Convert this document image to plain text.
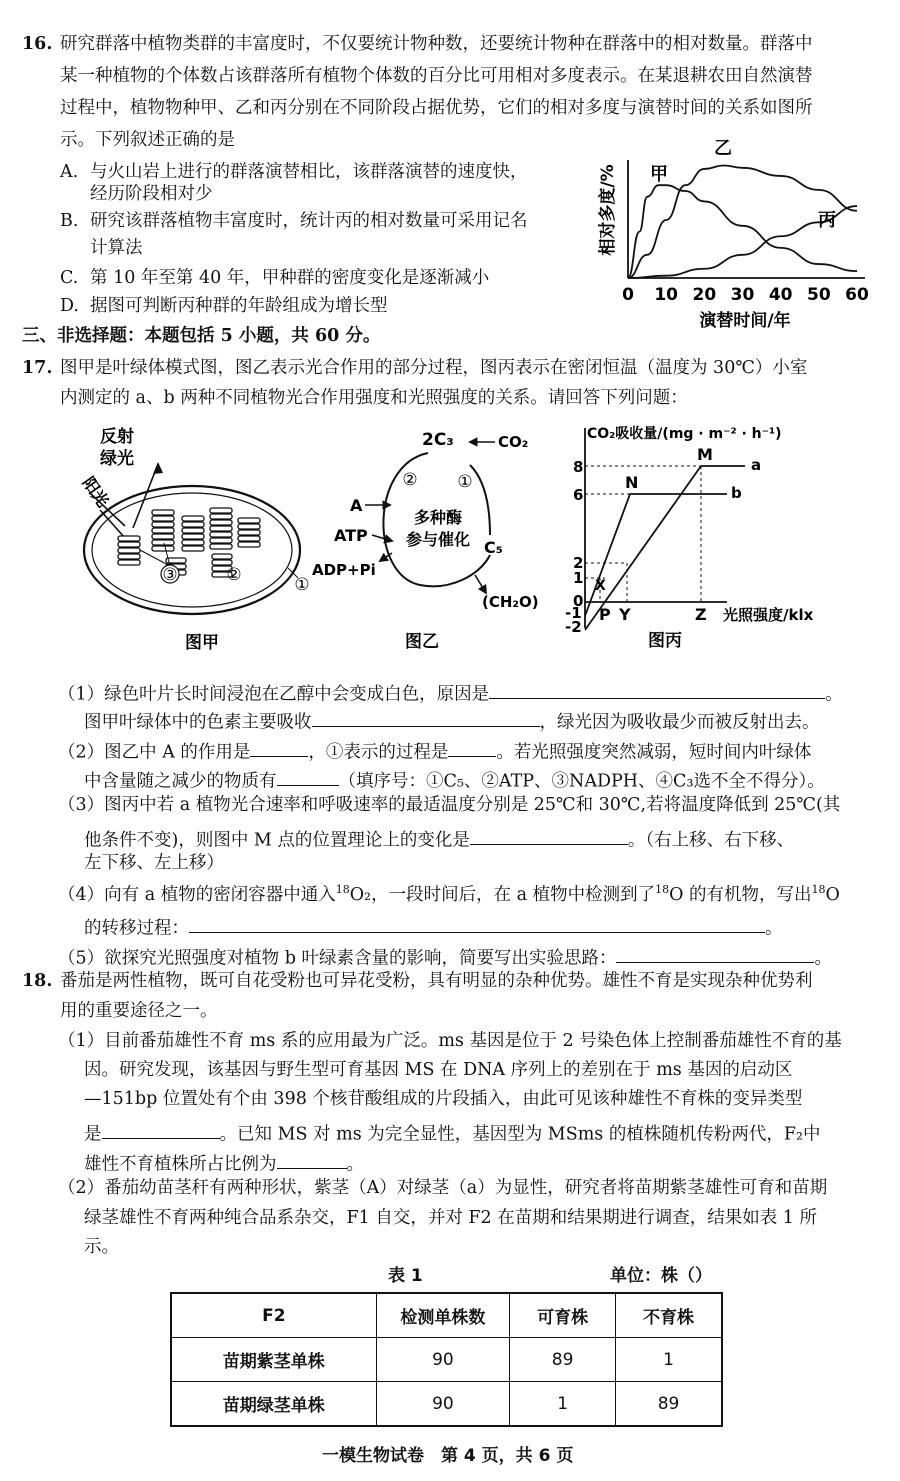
16. 研究群落中植物类群的丰富度时，不仅要统计物种数，还要统计物种在群落中的相对数量。群落中
某一种植物的个体数占该群落所有植物个体数的百分比可用相对多度表示。在某退耕农田自然演替
过程中，植物物种甲、乙和丙分别在不同阶段占据优势，它们的相对多度与演替时间的关系如图所
示。下列叙述正确的是
A. 与火山岩上进行的群落演替相比，该群落演替的速度快，
经历阶段相对少
B. 研究该群落植物丰富度时，统计丙的相对数量可采用记名
计算法
C. 第 10 年至第 40 年，甲种群的密度变化是逐渐减小
D. 据图可判断丙种群的年龄组成为增长型
相对多度/%
0 10 20 30 40 50 60
甲
乙
丙
演替时间/年
三、非选择题：本题包括 5 小题，共 60 分。
17. 图甲是叶绿体模式图，图乙表示光合作用的部分过程，图丙表示在密闭恒温（温度为 30℃）小室
内测定的 a、b 两种不同植物光合作用强度和光照强度的关系。请回答下列问题：
反射
绿光
阳光
③	②	①
图甲
2C₃	CO₂
② ①
A
ATP
ADP+Pi
多种酶
参与催化 C₅
(CH₂O)
图乙
CO₂吸收量/(mg · m⁻² · h⁻¹)
8
6
2
1
0
-1
-2
M
N
a
b
X
P Y	Z 光照强度/klx
图丙
（1）绿色叶片长时间浸泡在乙醇中会变成白色，原因是	。
图甲叶绿体中的色素主要吸收	，绿光因为吸收最少而被反射出去。
（2）图乙中 A 的作用是	，①表示的过程是	。若光照强度突然减弱，短时间内叶绿体
中含量随之减少的物质有	（填序号：①C₅、②ATP、③NADPH、④C₃选不全不得分）。
（3）图丙中若 a 植物光合速率和呼吸速率的最适温度分别是 25℃和 30℃,若将温度降低到 25℃(其
他条件不变)，则图中 M 点的位置理论上的变化是	。（右上移、右下移、
左下移、左上移）
（4）向有 a 植物的密闭容器中通入$^{18}$O₂，一段时间后，在 a 植物中检测到了$^{18}$O 的有机物，写出$^{18}$O
的转移过程：	。
（5）欲探究光照强度对植物 b 叶绿素含量的影响，简要写出实验思路：	。
18. 番茄是两性植物，既可自花受粉也可异花受粉，具有明显的杂种优势。雄性不育是实现杂种优势利
用的重要途径之一。
（1）目前番茄雄性不育 ms 系的应用最为广泛。ms 基因是位于 2 号染色体上控制番茄雄性不育的基
因。研究发现，该基因与野生型可育基因 MS 在 DNA 序列上的差别在于 ms 基因的启动区
—151bp 位置处有个由 398 个核苷酸组成的片段插入，由此可见该种雄性不育株的变异类型
是	。已知 MS 对 ms 为完全显性，基因型为 MSms 的植株随机传粉两代，F₂中
雄性不育植株所占比例为	。
（2）番茄幼苗茎秆有两种形状，紫茎（A）对绿茎（a）为显性，研究者将苗期紫茎雄性可育和苗期
绿茎雄性不育两种纯合品系杂交，F1 自交，并对 F2 在苗期和结果期进行调查，结果如表 1 所
示。
表 1	单位：株（）
F2	检测单株数	可育株	不育株
苗期紫茎单株	90	89	1
苗期绿茎单株	90	1	89
一模生物试卷　第 4 页，共 6 页
